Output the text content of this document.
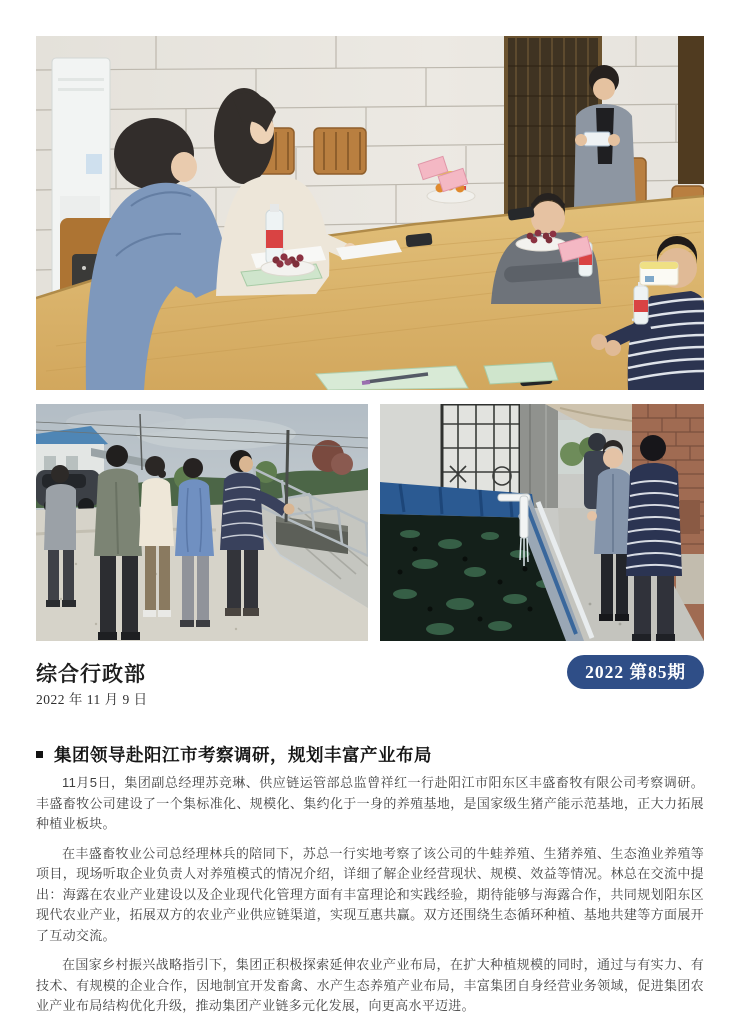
综合行政部
2022 年 11 月 9 日
2022 第85期
集团领导赴阳江市考察调研，规划丰富产业布局

11月5日，集团副总经理苏竞琳、供应链运管部总监曾祥红一行赴阳江市阳东区丰盛畜牧有限公司考察调研。丰盛畜牧公司建设了一个集标准化、规模化、集约化于一身的养殖基地，是国家级生猪产能示范基地，正大力拓展种植业板块。

在丰盛畜牧业公司总经理林兵的陪同下，苏总一行实地考察了该公司的牛蛙养殖、生猪养殖、生态渔业养殖等项目，现场听取企业负责人对养殖模式的情况介绍，详细了解企业经营现状、规模、效益等情况。林总在交流中提出：海露在农业产业建设以及企业现代化管理方面有丰富理论和实践经验，期待能够与海露合作，共同规划阳东区现代农业产业，拓展双方的农业产业供应链渠道，实现互惠共赢。双方还围绕生态循环种植、基地共建等方面展开了互动交流。

在国家乡村振兴战略指引下，集团正积极探索延伸农业产业布局，在扩大种植规模的同时，通过与有实力、有技术、有规模的企业合作，因地制宜开发畜禽、水产生态养殖产业布局，丰富集团自身经营业务领域，促进集团农业产业布局结构优化升级，推动集团产业链多元化发展，向更高水平迈进。
